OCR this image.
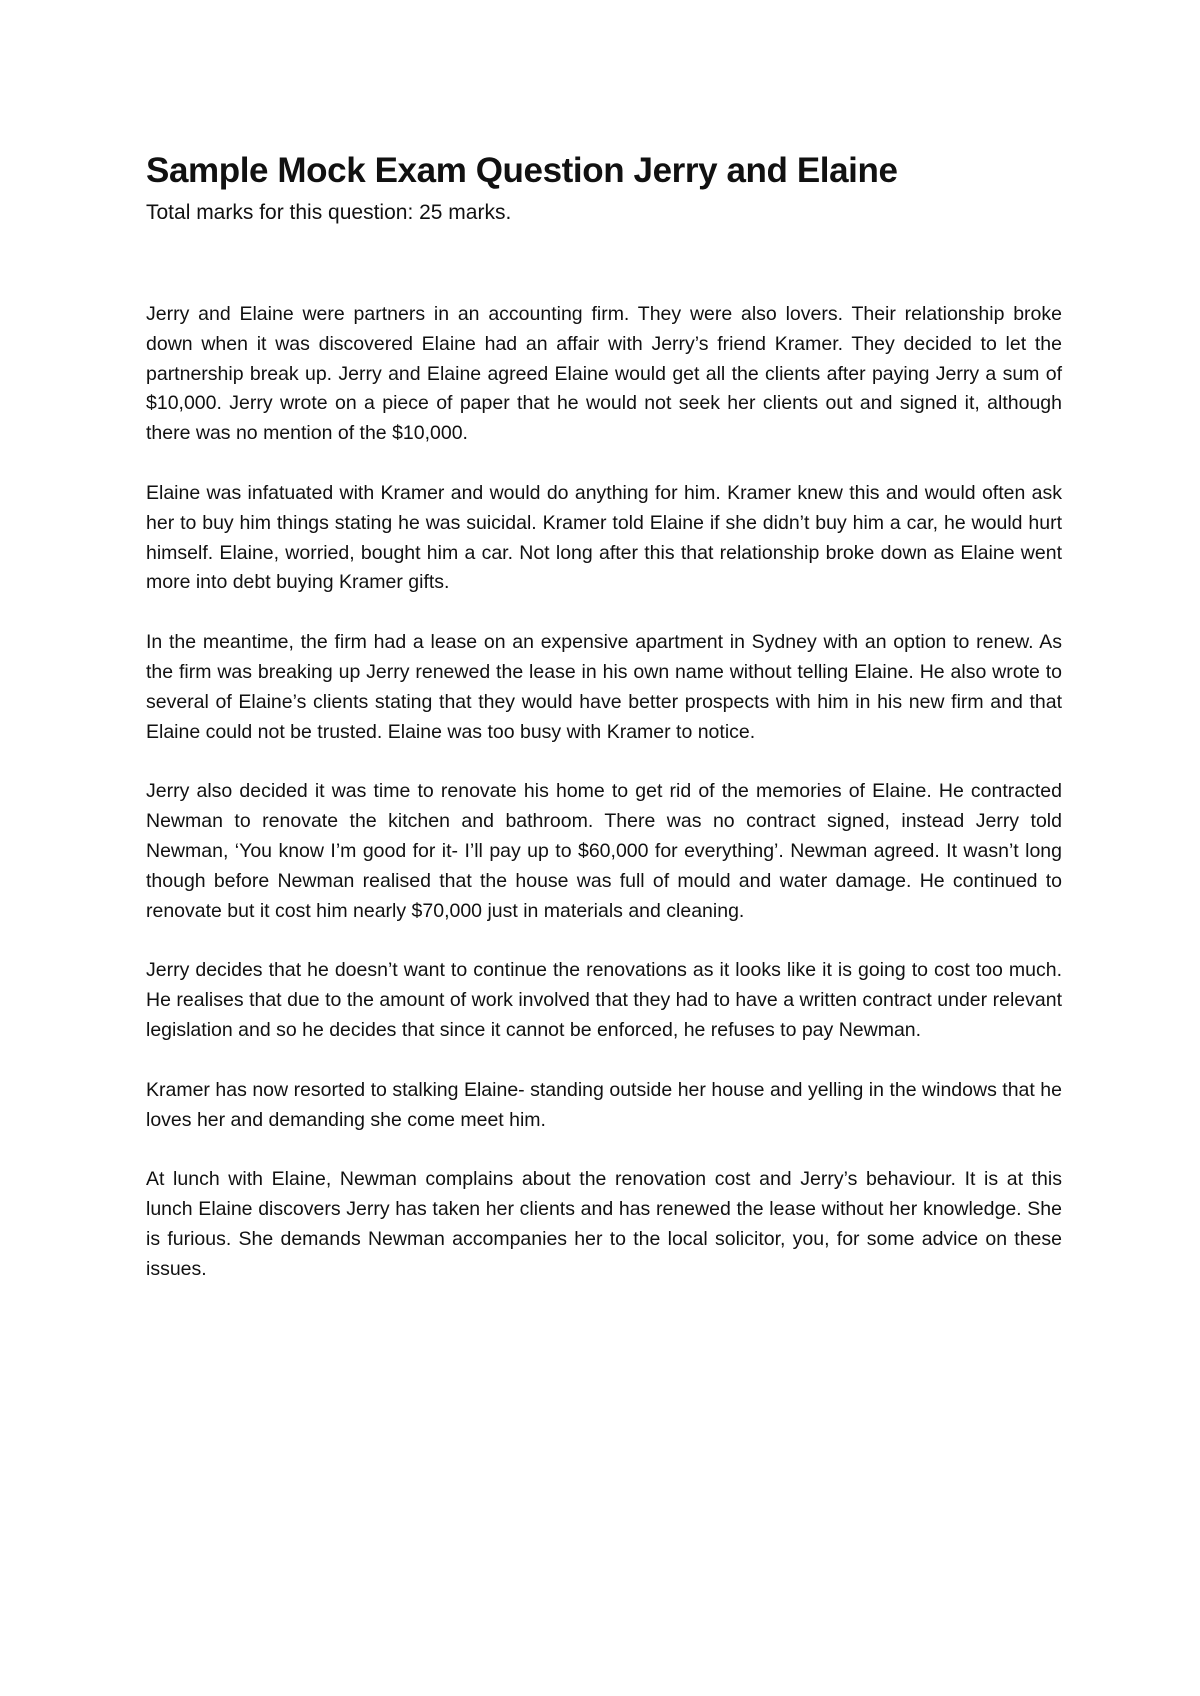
Sample Mock Exam Question Jerry and Elaine

Total marks for this question: 25 marks.

Jerry and Elaine were partners in an accounting firm. They were also lovers. Their relationship broke down when it was discovered Elaine had an affair with Jerry’s friend Kramer. They decided to let the partnership break up. Jerry and Elaine agreed Elaine would get all the clients after paying Jerry a sum of $10,000. Jerry wrote on a piece of paper that he would not seek her clients out and signed it, although there was no mention of the $10,000.

Elaine was infatuated with Kramer and would do anything for him. Kramer knew this and would often ask her to buy him things stating he was suicidal. Kramer told Elaine if she didn’t buy him a car, he would hurt himself. Elaine, worried, bought him a car. Not long after this that relationship broke down as Elaine went more into debt buying Kramer gifts.

In the meantime, the firm had a lease on an expensive apartment in Sydney with an option to renew. As the firm was breaking up Jerry renewed the lease in his own name without telling Elaine. He also wrote to several of Elaine’s clients stating that they would have better prospects with him in his new firm and that Elaine could not be trusted. Elaine was too busy with Kramer to notice.

Jerry also decided it was time to renovate his home to get rid of the memories of Elaine. He contracted Newman to renovate the kitchen and bathroom. There was no contract signed, instead Jerry told Newman, ‘You know I’m good for it- I’ll pay up to $60,000 for everything’. Newman agreed. It wasn’t long though before Newman realised that the house was full of mould and water damage. He continued to renovate but it cost him nearly $70,000 just in materials and cleaning.

Jerry decides that he doesn’t want to continue the renovations as it looks like it is going to cost too much. He realises that due to the amount of work involved that they had to have a written contract under relevant legislation and so he decides that since it cannot be enforced, he refuses to pay Newman.

Kramer has now resorted to stalking Elaine- standing outside her house and yelling in the windows that he loves her and demanding she come meet him.

At lunch with Elaine, Newman complains about the renovation cost and Jerry’s behaviour. It is at this lunch Elaine discovers Jerry has taken her clients and has renewed the lease without her knowledge. She is furious. She demands Newman accompanies her to the local solicitor, you, for some advice on these issues.
